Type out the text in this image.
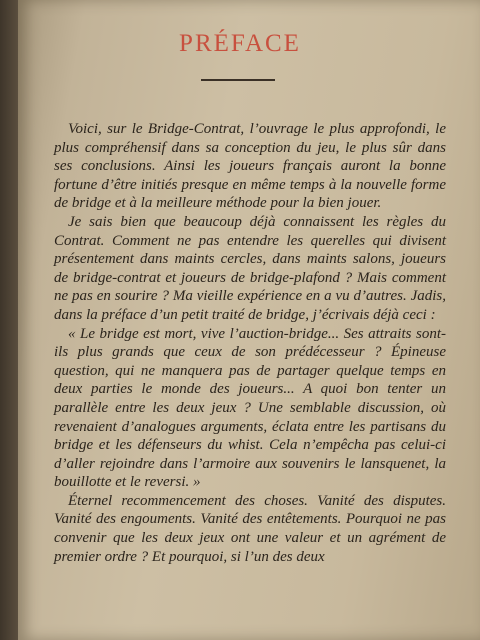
PRÉFACE

Voici, sur le Bridge-Contrat, l’ouvrage le plus approfondi, le plus compréhensif dans sa conception du jeu, le plus sûr dans ses conclusions. Ainsi les joueurs français auront la bonne fortune d’être initiés presque en même temps à la nouvelle forme de bridge et à la meilleure méthode pour la bien jouer.

Je sais bien que beaucoup déjà connaissent les règles du Contrat. Comment ne pas entendre les querelles qui divisent présentement dans maints cercles, dans maints salons, joueurs de bridge-contrat et joueurs de bridge-plafond ? Mais comment ne pas en sourire ? Ma vieille expérience en a vu d’autres. Jadis, dans la préface d’un petit traité de bridge, j’écrivais déjà ceci :

« Le bridge est mort, vive l’auction-bridge... Ses attraits sont-ils plus grands que ceux de son prédécesseur ? Épineuse question, qui ne manquera pas de partager quelque temps en deux parties le monde des joueurs... A quoi bon tenter un parallèle entre les deux jeux ? Une semblable discussion, où revenaient d’analogues arguments, éclata entre les partisans du bridge et les défenseurs du whist. Cela n’empêcha pas celui-ci d’aller rejoindre dans l’armoire aux souvenirs le lansquenet, la bouillotte et le reversi. »

Éternel recommencement des choses. Vanité des disputes. Vanité des engouments. Vanité des entêtements. Pourquoi ne pas convenir que les deux jeux ont une valeur et un agrément de premier ordre ? Et pourquoi, si l’un des deux
